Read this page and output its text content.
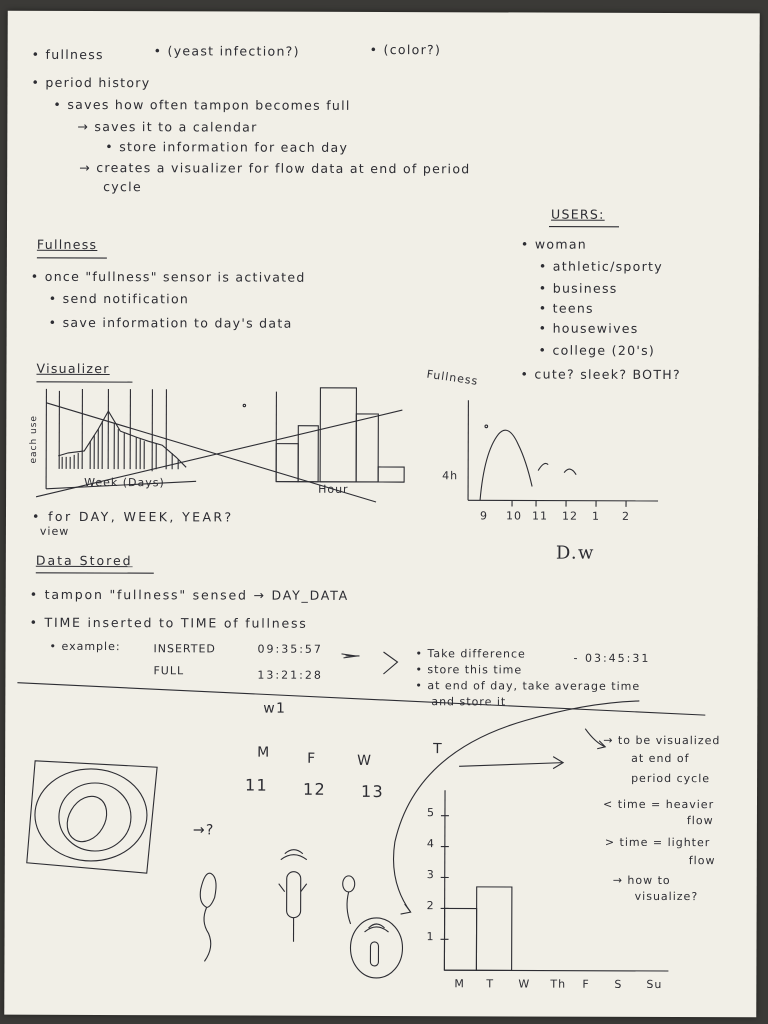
• fullness	• (yeast infection?)	• (color?)
• period history
• saves how often tampon becomes full
→ saves it to a calendar
• store information for each day
→ creates a visualizer for flow data at end of period
cycle
USERS:
• woman
• athletic/sporty
• business
• teens
• housewives
• college (20's)
• cute? sleek? BOTH?
Fullness
• once "fullness" sensor is activated
• send notification
• save information to day's data
Visualizer
each use
Week (Days)
Hour
• for DAY, WEEK, YEAR?
view
Fullness
4h
9 10 11 12 1 2
D.w
Data Stored
• tampon "fullness" sensed → DAY_DATA
• TIME inserted to TIME of fullness
• example:	INSERTED	09:35:57
FULL	13:21:28
• Take difference	- 03:45:31
• store this time
• at end of day, take average time
and store it
w1
M	F	W
T
11 12 13
→?
→ to be visualized
at end of
period cycle
< time = heavier
flow
> time = lighter
flow
→ how to
visualize?
5
4
3
2
1
M T W Th F S Su
